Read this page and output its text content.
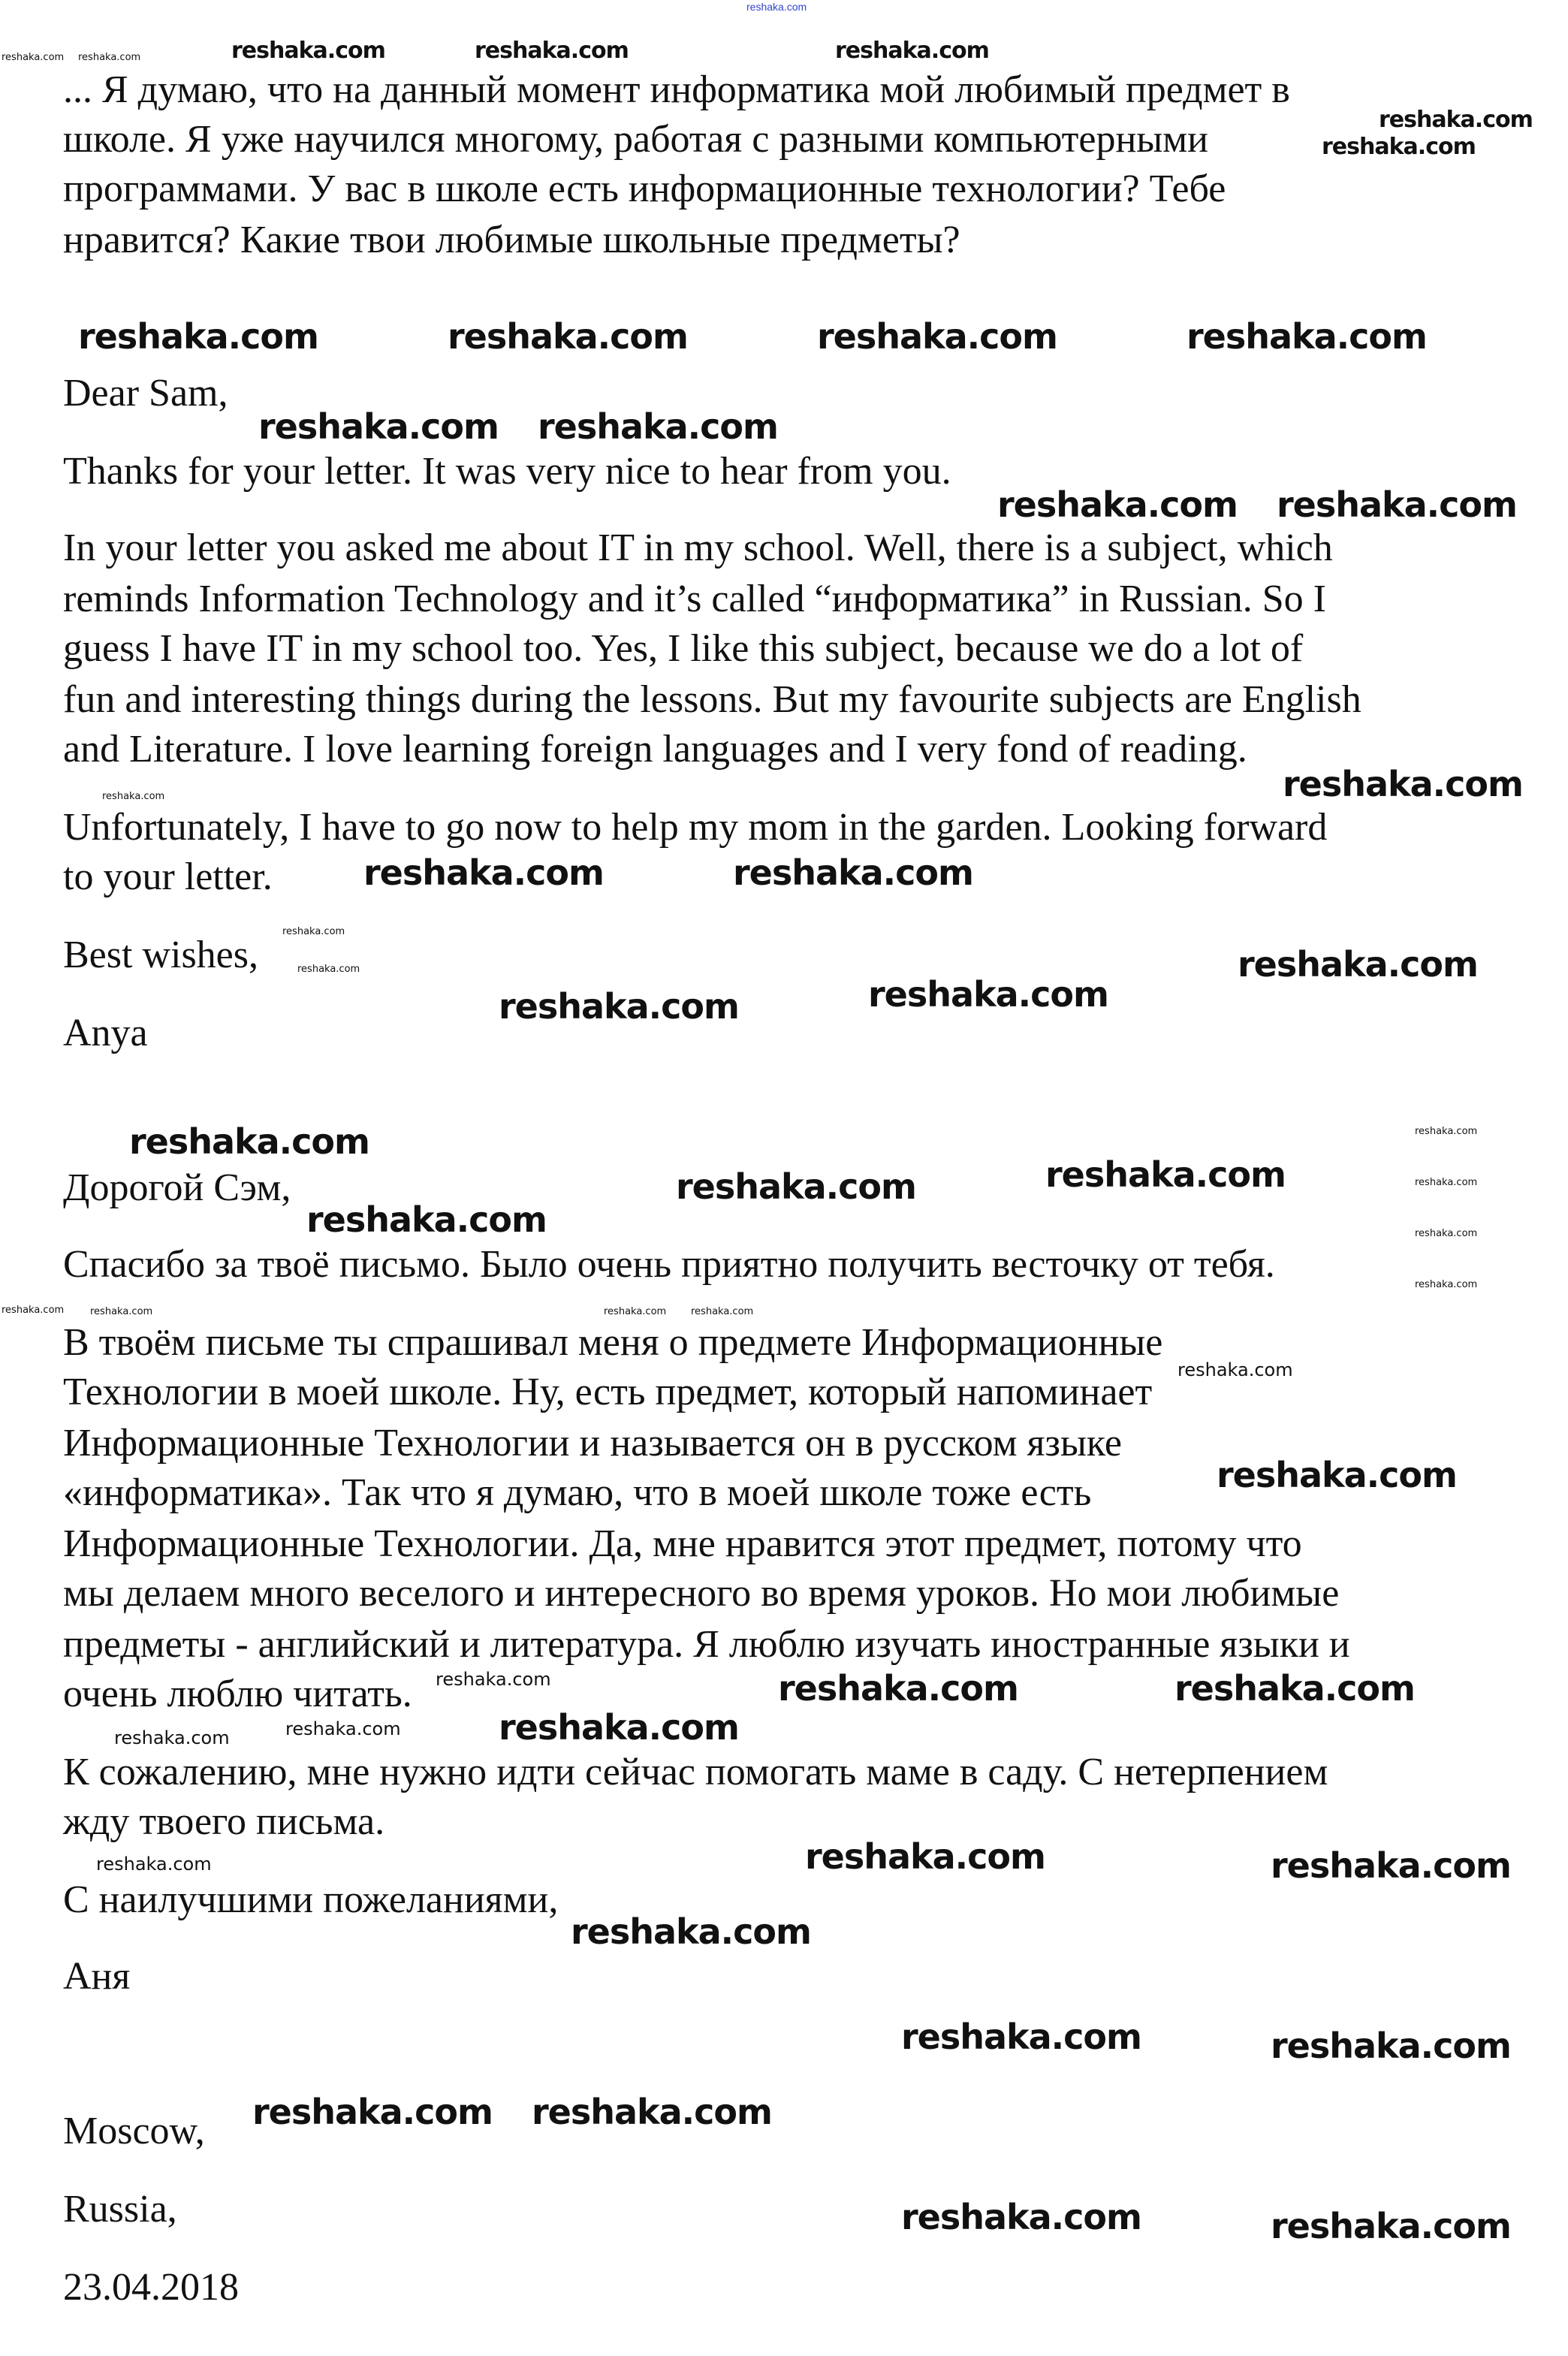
reshaka.com
... Я думаю, что на данный момент информатика мой любимый предмет в
школе. Я уже научился многому, работая с разными компьютерными
программами. У вас в школе есть информационные технологии? Тебе
нравится? Какие твои любимые школьные предметы?
Dear Sam,
Thanks for your letter. It was very nice to hear from you.
In your letter you asked me about IT in my school. Well, there is a subject, which
reminds Information Technology and it’s called “информатика” in Russian. So I
guess I have IT in my school too. Yes, I like this subject, because we do a lot of
fun and interesting things during the lessons. But my favourite subjects are English
and Literature. I love learning foreign languages and I very fond of reading.
Unfortunately, I have to go now to help my mom in the garden. Looking forward
to your letter.
Best wishes,
Anya
Дорогой Сэм,
Спасибо за твоё письмо. Было очень приятно получить весточку от тебя.
В твоём письме ты спрашивал меня о предмете Информационные
Технологии в моей школе. Ну, есть предмет, который напоминает
Информационные Технологии и называется он в русском языке
«информатика». Так что я думаю, что в моей школе тоже есть
Информационные Технологии. Да, мне нравится этот предмет, потому что
мы делаем много веселого и интересного во время уроков. Но мои любимые
предметы - английский и литература. Я люблю изучать иностранные языки и
очень люблю читать.
К сожалению, мне нужно идти сейчас помогать маме в саду. С нетерпением
жду твоего письма.
С наилучшими пожеланиями,
Аня
Moscow,
Russia,
23.04.2018
reshaka.com	reshaka.com	reshaka.com	reshaka.com
reshaka.com reshaka.com
reshaka.com reshaka.com
reshaka.com	reshaka.com
reshaka.com
reshaka.com
reshaka.com	reshaka.com
reshaka.com
reshaka.com	reshaka.com
reshaka.com
reshaka.com
reshaka.com	reshaka.com
reshaka.com
reshaka.com	reshaka.com
reshaka.com
reshaka.com	reshaka.com
reshaka.com reshaka.com
reshaka.com	reshaka.com
reshaka.com	reshaka.com	reshaka.com
reshaka.com
reshaka.com
reshaka.com
reshaka.com
reshaka.com
reshaka.com
reshaka.com
reshaka.com
reshaka.com
reshaka.com
reshaka.com
reshaka.com
reshaka.com
reshaka.com
reshaka.com
reshaka.com
reshaka.com
reshaka.com	reshaka.com
reshaka.com
